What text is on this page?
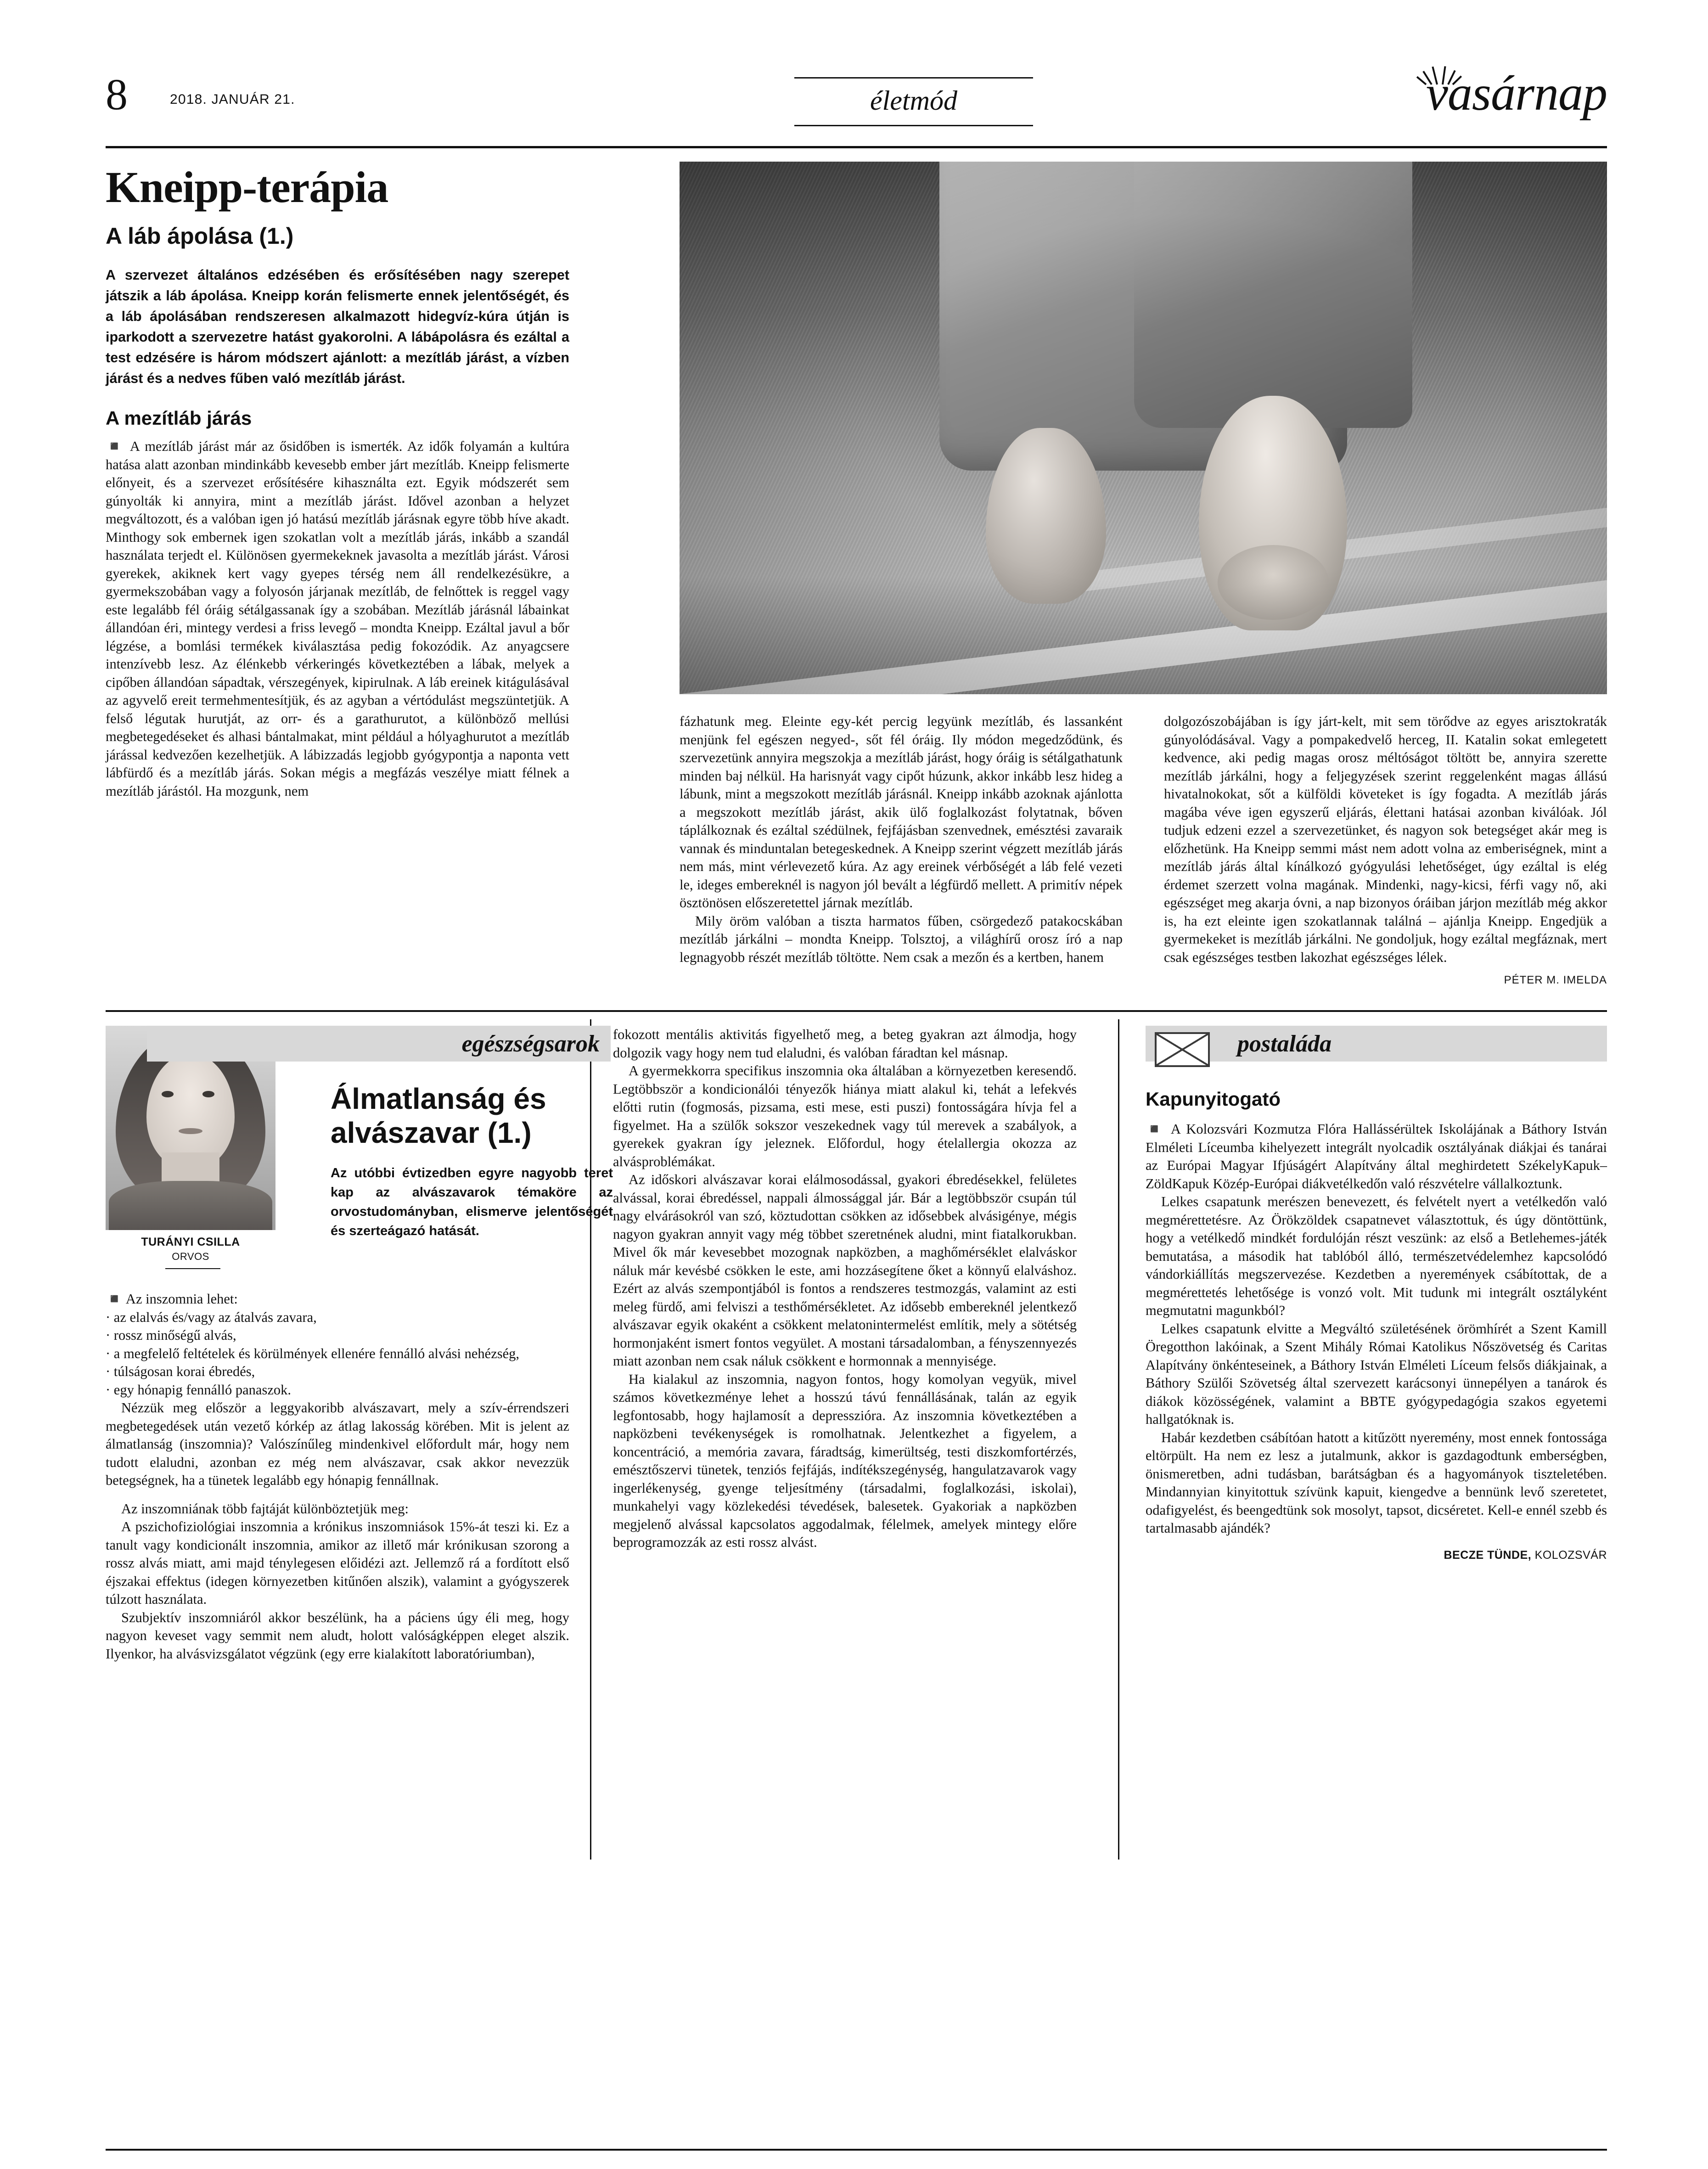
8	2018. JANUÁR 21.	életmód	vasárnap
Kneipp-terápia
A láb ápolása (1.)

A szervezet általános edzésében és erősítésében nagy szerepet játszik a láb ápolása. Kneipp korán felismerte ennek jelentőségét, és a láb ápolásában rendszeresen alkalmazott hidegvíz-kúra útján is iparkodott a szervezetre hatást gyakorolni. A lábápolásra és ezáltal a test edzésére is három módszert ajánlott: a mezítláb járást, a vízben járást és a nedves fűben való mezítláb járást.

A mezítláb járás

◾ A mezítláb járást már az ősidőben is ismerték. Az idők folyamán a kultúra hatása alatt azonban mindinkább kevesebb ember járt mezítláb. Kneipp felismerte előnyeit, és a szervezet erősítésére kihasználta ezt. Egyik módszerét sem gúnyolták ki annyira, mint a mezítláb járást. Idővel azonban a helyzet megváltozott, és a valóban igen jó hatású mezítláb járásnak egyre több híve akadt. Minthogy sok embernek igen szokatlan volt a mezítláb járás, inkább a szandál használata terjedt el. Különösen gyermekeknek javasolta a mezítláb járást. Városi gyerekek, akiknek kert vagy gyepes térség nem áll rendelkezésükre, a gyermekszobában vagy a folyosón járjanak mezítláb, de felnőttek is reggel vagy este legalább fél óráig sétálgassanak így a szobában. Mezítláb járásnál lábainkat állandóan éri, mintegy verdesi a friss levegő – mondta Kneipp. Ezáltal javul a bőr légzése, a bomlási termékek kiválasztása pedig fokozódik. Az anyagcsere intenzívebb lesz. Az élénkebb vérkeringés következtében a lábak, melyek a cipőben állandóan sápadtak, vérszegények, kipirulnak. A láb ereinek kitágulásával az agyvelő ereit termehmentesítjük, és az agyban a vértódulást megszüntetjük. A felső légutak hurutját, az orr- és a garathurutot, a különböző mellúsi megbetegedéseket és alhasi bántalmakat, mint például a hólyaghurutot a mezítláb járással kedvezően kezelhetjük. A lábizzadás legjobb gyógypontja a naponta vett lábfürdő és a mezítláb járás. Sokan mégis a megfázás veszélye miatt félnek a mezítláb járástól. Ha mozgunk, nem

fázhatunk meg. Eleinte egy-két percig legyünk mezítláb, és lassanként menjünk fel egészen negyed-, sőt fél óráig. Ily módon megedződünk, és szervezetünk annyira megszokja a mezítláb járást, hogy óráig is sétálgathatunk minden baj nélkül. Ha harisnyát vagy cipőt húzunk, akkor inkább lesz hideg a lábunk, mint a megszokott mezítláb járásnál. Kneipp inkább azoknak ajánlotta a megszokott mezítláb járást, akik ülő foglalkozást folytatnak, bőven táplálkoznak és ezáltal szédülnek, fejfájásban szenvednek, emésztési zavaraik vannak és minduntalan betegeskednek. A Kneipp szerint végzett mezítláb járás nem más, mint vérlevezető kúra. Az agy ereinek vérbőségét a láb felé vezeti le, ideges embereknél is nagyon jól bevált a légfürdő mellett. A primitív népek ösztönösen előszeretettel járnak mezítláb.

Mily öröm valóban a tiszta harmatos fűben, csörgedező patakocskában mezítláb járkálni – mondta Kneipp. Tolsztoj, a világhírű orosz író a nap legnagyobb részét mezítláb töltötte. Nem csak a mezőn és a kertben, hanem

dolgozószobájában is így járt-kelt, mit sem törődve az egyes arisztokraták gúnyolódásával. Vagy a pompakedvelő herceg, II. Katalin sokat emlegetett kedvence, aki pedig magas orosz méltóságot töltött be, annyira szerette mezítláb járkálni, hogy a feljegyzések szerint reggelenként magas állású hivatalnokokat, sőt a külföldi követeket is így fogadta. A mezítláb járás magába véve igen egyszerű eljárás, élettani hatásai azonban kiválóak. Jól tudjuk edzeni ezzel a szervezetünket, és nagyon sok betegséget akár meg is előzhetünk. Ha Kneipp semmi mást nem adott volna az emberiségnek, mint a mezítláb járás által kínálkozó gyógyulási lehetőséget, úgy ezáltal is elég érdemet szerzett volna magának. Mindenki, nagy-kicsi, férfi vagy nő, aki egészséget meg akarja óvni, a nap bizonyos óráiban járjon mezítláb még akkor is, ha ezt eleinte igen szokatlannak találná – ajánlja Kneipp. Engedjük a gyermekeket is mezítláb járkálni. Ne gondoljuk, hogy ezáltal megfáznak, mert csak egészséges testben lakozhat egészséges lélek.

PÉTER M. IMELDA
TURÁNYI CSILLA
ORVOS

◾ Az inszomnia lehet:

· az elalvás és/vagy az átalvás zavara,

· rossz minőségű alvás,

· a megfelelő feltételek és körülmények ellenére fennálló alvási nehézség,

· túlságosan korai ébredés,

· egy hónapig fennálló panaszok.

Nézzük meg először a leggyakoribb alvászavart, mely a szív-érrendszeri megbetegedések után vezető kórkép az átlag lakosság körében. Mit is jelent az álmatlanság (inszomnia)? Valószínűleg mindenkivel előfordult már, hogy nem tudott elaludni, azonban ez még nem alvászavar, csak akkor nevezzük betegségnek, ha a tünetek legalább egy hónapig fennállnak.

Az inszomniának több fajtáját különböztetjük meg:

A pszichofiziológiai inszomnia a krónikus inszomniások 15%-át teszi ki. Ez a tanult vagy kondicionált inszomnia, amikor az illető már krónikusan szorong a rossz alvás miatt, ami majd ténylegesen előidézi azt. Jellemző rá a fordított első éjszakai effektus (idegen környezetben kitűnően alszik), valamint a gyógyszerek túlzott használata.

Szubjektív inszomniáról akkor beszélünk, ha a páciens úgy éli meg, hogy nagyon keveset vagy semmit nem aludt, holott valóságképpen eleget alszik. Ilyenkor, ha alvásvizsgálatot végzünk (egy erre kialakított laboratóriumban),

egészségsarok
Álmatlanság és alvászavar (1.)

Az utóbbi évtizedben egyre nagyobb teret kap az alvászavarok témaköre az orvostudományban, elismerve jelentőségét és szerteágazó hatását.

fokozott mentális aktivitás figyelhető meg, a beteg gyakran azt álmodja, hogy dolgozik vagy hogy nem tud elaludni, és valóban fáradtan kel másnap.

A gyermekkorra specifikus inszomnia oka általában a környezetben keresendő. Legtöbbször a kondicionálói tényezők hiánya miatt alakul ki, tehát a lefekvés előtti rutin (fogmosás, pizsama, esti mese, esti puszi) fontosságára hívja fel a figyelmet. Ha a szülők sokszor veszekednek vagy túl merevek a szabályok, a gyerekek gyakran így jeleznek. Előfordul, hogy ételallergia okozza az alvásproblémákat.

Az időskori alvászavar korai elálmosodással, gyakori ébredésekkel, felületes alvással, korai ébredéssel, nappali álmossággal jár. Bár a legtöbbször csupán túl nagy elvárásokról van szó, köztudottan csökken az idősebbek alvásigénye, mégis nagyon gyakran annyit vagy még többet szeretnének aludni, mint fiatalkorukban. Mivel ők már kevesebbet mozognak napközben, a maghőmérséklet elalváskor náluk már kevésbé csökken le este, ami hozzásegítene őket a könnyű elalváshoz. Ezért az alvás szempontjából is fontos a rendszeres testmozgás, valamint az esti meleg fürdő, ami felviszi a testhőmérsékletet. Az idősebb embereknél jelentkező alvászavar egyik okaként a csökkent melatonintermelést említik, mely a sötétség hormonjaként ismert fontos vegyület. A mostani társadalomban, a fényszennyezés miatt azonban nem csak náluk csökkent e hormonnak a mennyisége.

Ha kialakul az inszomnia, nagyon fontos, hogy komolyan vegyük, mivel számos következménye lehet a hosszú távú fennállásának, talán az egyik legfontosabb, hogy hajlamosít a depresszióra. Az inszomnia következtében a napközbeni tevékenységek is romolhatnak. Jelentkezhet a figyelem, a koncentráció, a memória zavara, fáradtság, kimerültség, testi diszkomfortérzés, emésztőszervi tünetek, tenziós fejfájás, indítékszegénység, hangulatzavarok vagy ingerlékenység, gyenge teljesítmény (társadalmi, foglalkozási, iskolai), munkahelyi vagy közlekedési tévedések, balesetek. Gyakoriak a napközben megjelenő alvással kapcsolatos aggodalmak, félelmek, amelyek mintegy előre beprogramozzák az esti rossz alvást.

postaláda
Kapunyitogató

◾ A Kolozsvári Kozmutza Flóra Hallássérültek Iskolájának a Báthory István Elméleti Líceumba kihelyezett integrált nyolcadik osztályának diákjai és tanárai az Európai Magyar Ifjúságért Alapítvány által meghirdetett SzékelyKapuk–ZöldKapuk Közép-Európai diákvetélkedőn való részvételre vállalkoztunk.

Lelkes csapatunk merészen benevezett, és felvételt nyert a vetélkedőn való megmérettetésre. Az Örökzöldek csapatnevet választottuk, és úgy döntöttünk, hogy a vetélkedő mindkét fordulóján részt veszünk: az első a Betlehemes-játék bemutatása, a második hat tablóból álló, természetvédelemhez kapcsolódó vándorkiállítás megszervezése. Kezdetben a nyeremények csábítottak, de a megmérettetés lehetősége is vonzó volt. Mit tudunk mi integrált osztályként megmutatni magunkból?

Lelkes csapatunk elvitte a Megváltó születésének örömhírét a Szent Kamill Öregotthon lakóinak, a Szent Mihály Római Katolikus Nőszövetség és Caritas Alapítvány önkénteseinek, a Báthory István Elméleti Líceum felsős diákjainak, a Báthory Szülői Szövetség által szervezett karácsonyi ünnepélyen a tanárok és diákok közösségének, valamint a BBTE gyógypedagógia szakos egyetemi hallgatóknak is.

Habár kezdetben csábítóan hatott a kitűzött nyeremény, most ennek fontossága eltörpült. Ha nem ez lesz a jutalmunk, akkor is gazdagodtunk emberségben, önismeretben, adni tudásban, barátságban és a hagyományok tiszteletében. Mindannyian kinyitottuk szívünk kapuit, kiengedve a bennünk levő szeretetet, odafigyelést, és beengedtünk sok mosolyt, tapsot, dicséretet. Kell-e ennél szebb és tartalmasabb ajándék?

BECZE TÜNDE, KOLOZSVÁR
